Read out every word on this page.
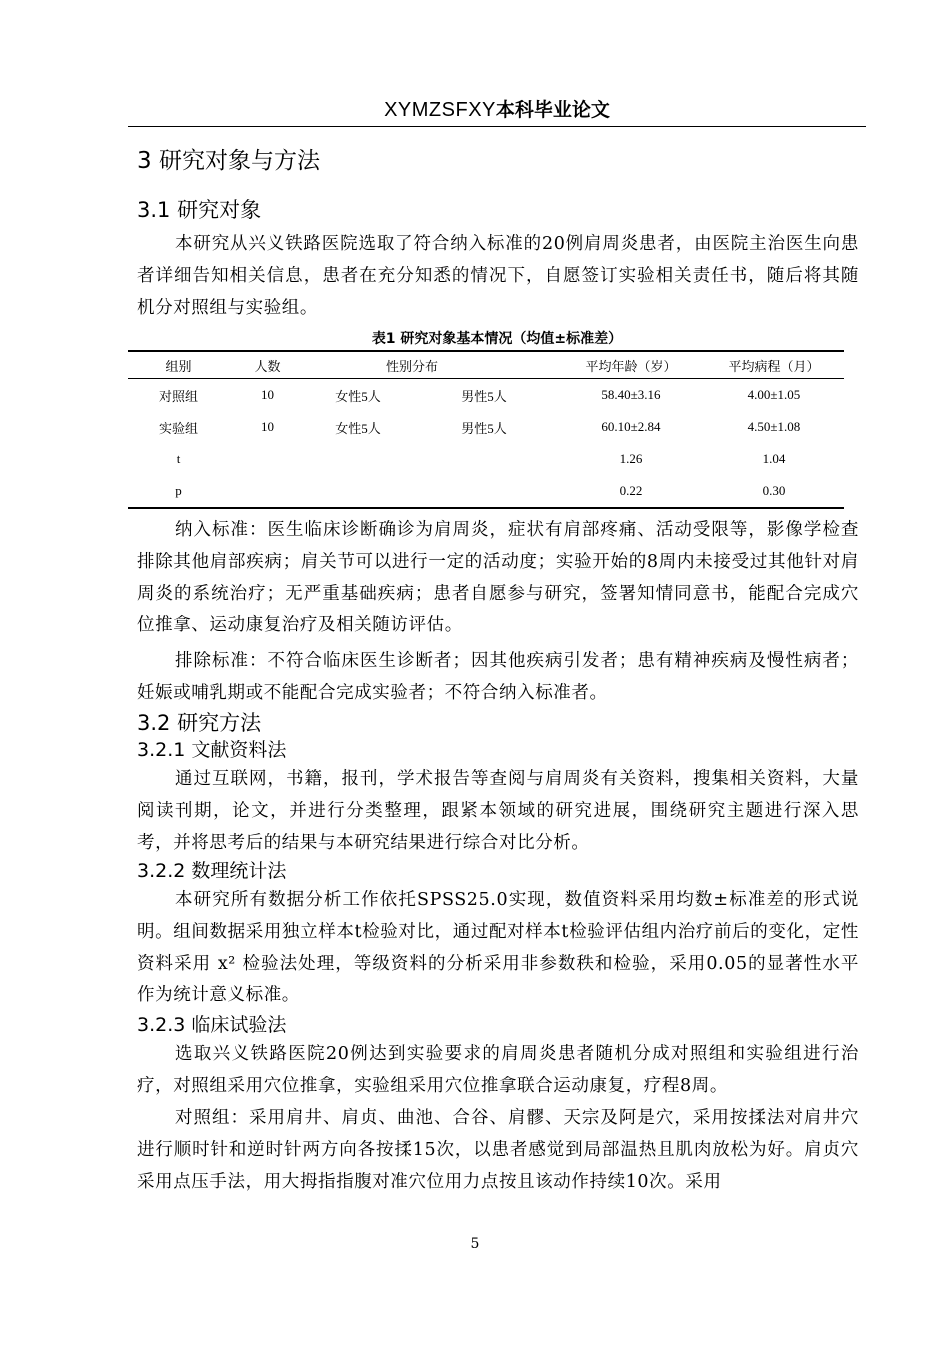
XYMZSFXY本科毕业论文
3 研究对象与方法
3.1 研究对象
本研究从兴义铁路医院选取了符合纳入标准的20例肩周炎患者，由医院主治医生向患者详细告知相关信息，患者在充分知悉的情况下，自愿签订实验相关责任书，随后将其随机分对照组与实验组。
表1 研究对象基本情况（均值±标准差）
组别	人数	性别分布		平均年龄（岁）	平均病程（月）
对照组	10	女性5人	男性5人	58.40±3.16	4.00±1.05
实验组	10	女性5人	男性5人	60.10±2.84	4.50±1.08
t				1.26	1.04
p				0.22	0.30
纳入标准：医生临床诊断确诊为肩周炎，症状有肩部疼痛、活动受限等，影像学检查排除其他肩部疾病；肩关节可以进行一定的活动度；实验开始的8周内未接受过其他针对肩周炎的系统治疗；无严重基础疾病；患者自愿参与研究，签署知情同意书，能配合完成穴位推拿、运动康复治疗及相关随访评估。
排除标准：不符合临床医生诊断者；因其他疾病引发者；患有精神疾病及慢性病者；妊娠或哺乳期或不能配合完成实验者；不符合纳入标准者。
3.2 研究方法
3.2.1 文献资料法
通过互联网，书籍，报刊，学术报告等查阅与肩周炎有关资料，搜集相关资料，大量阅读刊期，论文，并进行分类整理，跟紧本领域的研究进展，围绕研究主题进行深入思考，并将思考后的结果与本研究结果进行综合对比分析。
3.2.2 数理统计法
本研究所有数据分析工作依托SPSS25.0实现，数值资料采用均数±标准差的形式说明。组间数据采用独立样本t检验对比，通过配对样本t检验评估组内治疗前后的变化，定性资料采用 x² 检验法处理，等级资料的分析采用非参数秩和检验，采用0.05的显著性水平作为统计意义标准。
3.2.3 临床试验法
选取兴义铁路医院20例达到实验要求的肩周炎患者随机分成对照组和实验组进行治疗，对照组采用穴位推拿，实验组采用穴位推拿联合运动康复，疗程8周。
对照组：采用肩井、肩贞、曲池、合谷、肩髎、天宗及阿是穴，采用按揉法对肩井穴进行顺时针和逆时针两方向各按揉15次，以患者感觉到局部温热且肌肉放松为好。肩贞穴采用点压手法，用大拇指指腹对准穴位用力点按且该动作持续10次。采用
5
